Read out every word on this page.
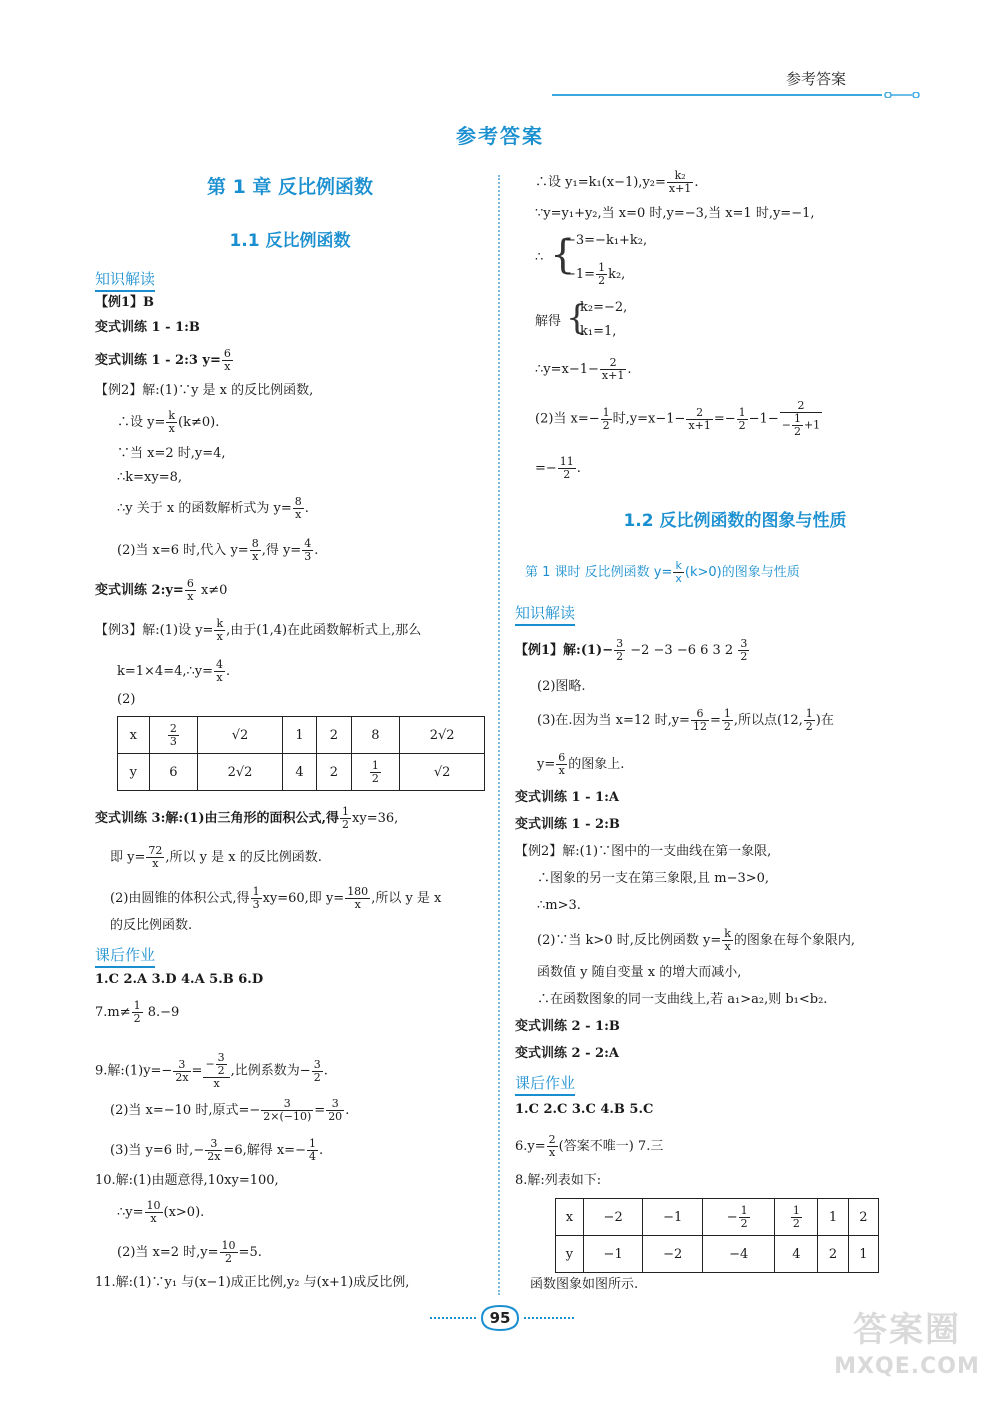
参考答案
参考答案
第 1 章 反比例函数
1.1 反比例函数
知识解读
【例1】B
变式训练 1 - 1:B
变式训练 1 - 2:3 $y= \frac{6}{x}$
【例2】解:(1)∵y 是 x 的反比例函数,
∴设 $y= \frac{k}{x} (k\ne 0)$.
∵当 x=2 时,y=4,
∴k=xy=8,
∴y 关于 x 的函数解析式为 $y= \frac{8}{x}$ .
(2)当 x=6 时,代入 $y= \frac{8}{x}$ ,得 $y= \frac{4}{3}$ .
变式训练 2:y= $\frac{6}{x} x\ne 0$
【例3】解:(1)设 $y= \frac{k}{x}$ ,由于(1,4)在此函数解析式上,那么
k=1×4=4,∴y= $\frac{4}{x}$ .
(2)
x	$\frac{2}{3}$	√2	1	2	8	2√2
y	6	2√2	4	2	$\frac{1}{2}$	√2
变式训练 3:解:(1)由三角形的面积公式,得 $\frac{1}{2} xy=36$,
即 $y= \frac{72}{x}$ ,所以 y 是 x 的反比例函数.
(2)由圆锥的体积公式,得 $\frac{1}{3} xy=60$,即 $y= \frac{180}{x}$ ,所以 y 是 x
的反比例函数.
课后作业
1.C 2.A 3.D 4.A 5.B 6.D
$7.m\ne \frac{1}{2} 8.-9$
9.解:(1)y=− $\frac{3}{2x} = \frac{- \frac{3}{2}}{x}$ ,比例系数为− $\frac{3}{2}$ .
(2)当 x=−10 时,原式=− $\frac{3}{2\times(-10)} = \frac{3}{20}$ .
(3)当 y=6 时,− $\frac{3}{2x} =6$,解得 $x=- \frac{1}{4}$ .
10.解:(1)由题意得,10xy=100,
∴y= $\frac{10}{x} (x>0)$.
(2)当 x=2 时$,y= \frac{10}{2} =5$.
11.解:(1)∵y₁ 与(x−1)成正比例,y₂ 与(x+1)成反比例,
∴设 $y_1=k_1(x-1),y_2= \frac{\text{k₂}}{x+1}$ .
∵y=y₁+y₂,当 x=0 时,y=−3,当 x=1 时,y=−1,
∴ {
−3=−k₁+k₂,
$-1= \frac{1}{2} k_2$,
解得 {
k₂=−2,
k₁=1,
∴y=x−1− $\frac{2}{x+1}$ .
(2)当 $x=- \frac{1}{2}$ 时$,y=x-1- \frac{2}{x+1} =- \frac{1}{2} -1- \frac{2}{- \frac{1}{2} +1}$
=− $\frac{11}{2}$ .
1.2 反比例函数的图象与性质
第 1 课时 反比例函数 $y= \frac{k}{x} (k>0)$的图象与性质
知识解读
【例1】解:(1)− $\frac{3}{2} -2 -3 -6$ 6 3 $2 \frac{3}{2}$
(2)图略.
(3)在.因为当 x=12 时$,y= \frac{6}{12} = \frac{1}{2}$ ,所以点(12, $\frac{1}{2}$ )在
$y= \frac{6}{x}$ 的图象上.
变式训练 1 - 1:A
变式训练 1 - 2:B
【例2】解:(1)∵图中的一支曲线在第一象限,
∴图象的另一支在第三象限,且 m−3>0,
∴m>3.
(2)∵当 k>0 时,反比例函数 $y= \frac{k}{x}$ 的图象在每个象限内,
函数值 y 随自变量 x 的增大而减小,
∴在函数图象的同一支曲线上,若 a₁>a₂,则 b₁<b₂.
变式训练 2 - 1:B
变式训练 2 - 2:A
课后作业
1.C 2.C 3.C 4.B 5.C
$6.y= \frac{2}{x}$ (答案不唯一) 7.三
8.解:列表如下:
x	−2	−1	− $\frac{1}{2}$	$\frac{1}{2}$	1	2
y	−1	−2	−4	4	2	1
函数图象如图所示.
95	答案圈
MXQE.COM
